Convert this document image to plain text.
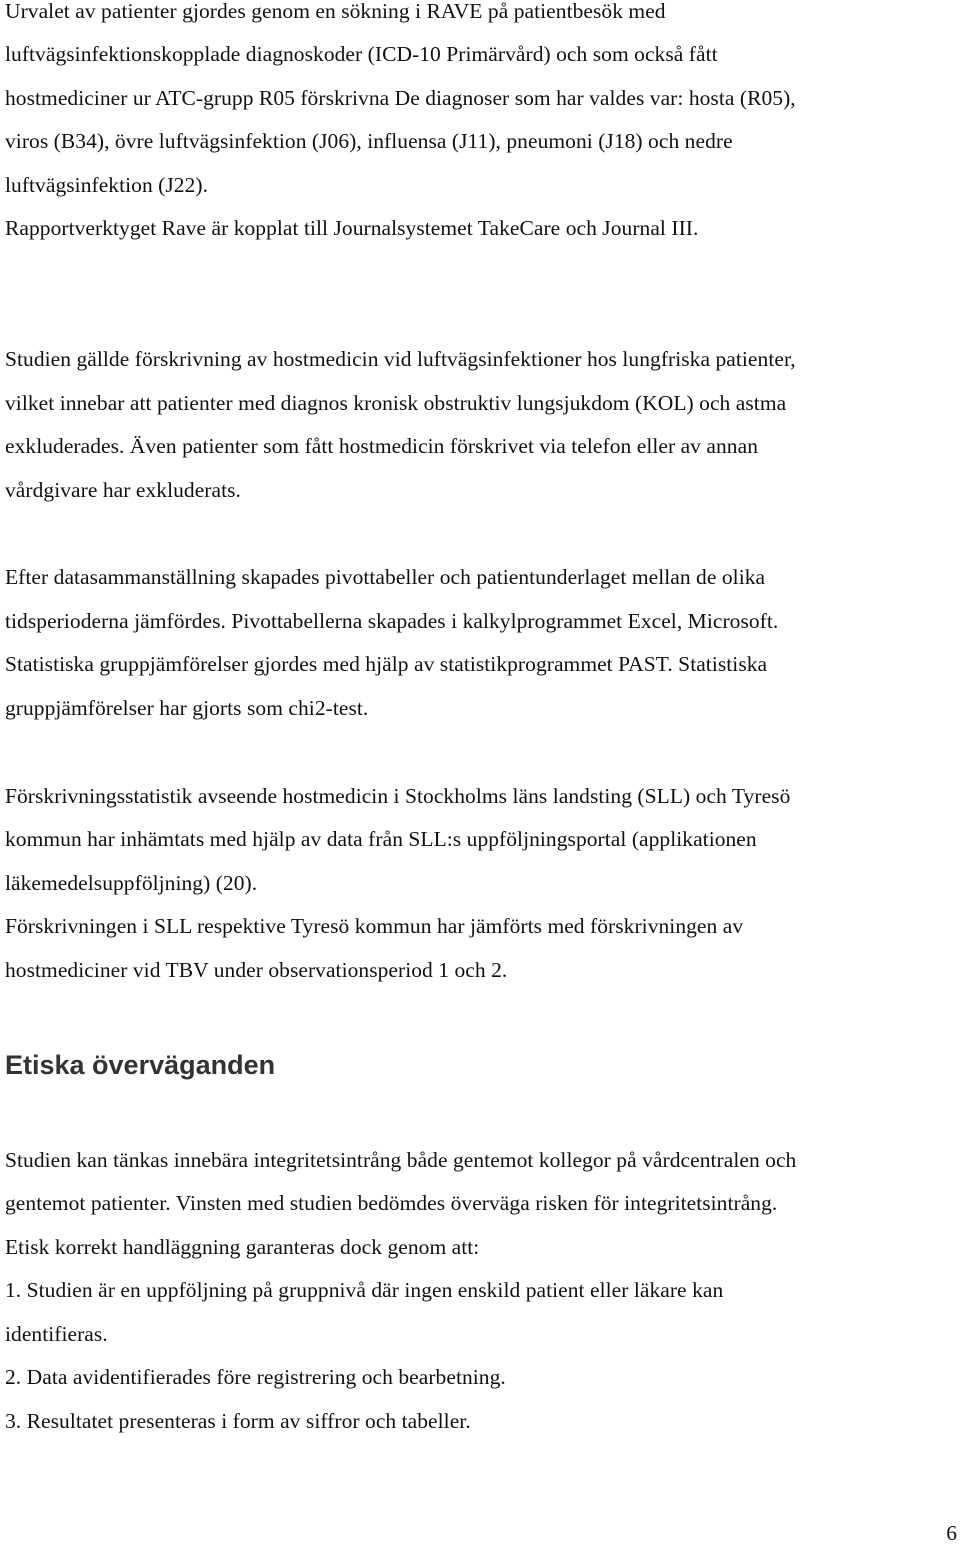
Urvalet av patienter gjordes genom en sökning i RAVE på patientbesök med
luftvägsinfektionskopplade diagnoskoder (ICD-10 Primärvård) och som också fått
hostmediciner ur ATC-grupp R05 förskrivna De diagnoser som har valdes var: hosta (R05),
viros (B34), övre luftvägsinfektion (J06), influensa (J11), pneumoni (J18) och nedre
luftvägsinfektion (J22).
Rapportverktyget Rave är kopplat till Journalsystemet TakeCare och Journal III.
Studien gällde förskrivning av hostmedicin vid luftvägsinfektioner hos lungfriska patienter,
vilket innebar att patienter med diagnos kronisk obstruktiv lungsjukdom (KOL) och astma
exkluderades. Även patienter som fått hostmedicin förskrivet via telefon eller av annan
vårdgivare har exkluderats.
Efter datasammanställning skapades pivottabeller och patientunderlaget mellan de olika
tidsperioderna jämfördes. Pivottabellerna skapades i kalkylprogrammet Excel, Microsoft.
Statistiska gruppjämförelser gjordes med hjälp av statistikprogrammet PAST. Statistiska
gruppjämförelser har gjorts som chi2-test.
Förskrivningsstatistik avseende hostmedicin i Stockholms läns landsting (SLL) och Tyresö
kommun har inhämtats med hjälp av data från SLL:s uppföljningsportal (applikationen
läkemedelsuppföljning) (20).
Förskrivningen i SLL respektive Tyresö kommun har jämförts med förskrivningen av
hostmediciner vid TBV under observationsperiod 1 och 2.
Etiska överväganden
Studien kan tänkas innebära integritetsintrång både gentemot kollegor på vårdcentralen och
gentemot patienter. Vinsten med studien bedömdes överväga risken för integritetsintrång.
Etisk korrekt handläggning garanteras dock genom att:
1. Studien är en uppföljning på gruppnivå där ingen enskild patient eller läkare kan
identifieras.
2. Data avidentifierades före registrering och bearbetning.
3. Resultatet presenteras i form av siffror och tabeller.
6
